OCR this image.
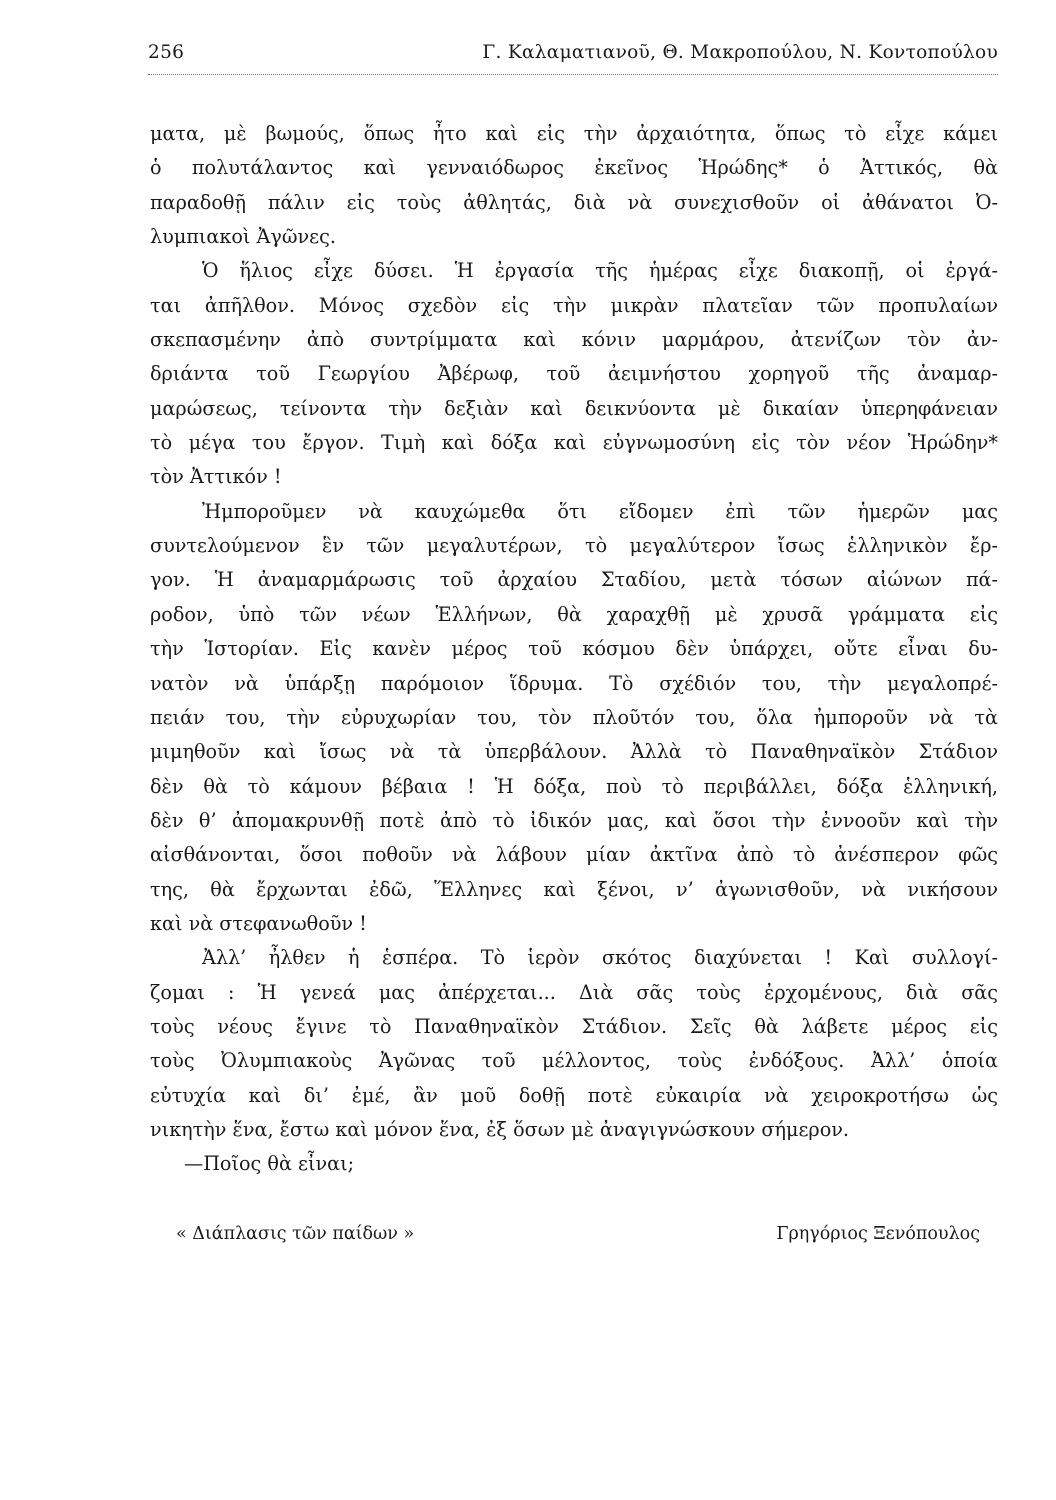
256	Γ. Καλαματιανοῦ, Θ. Μακροπούλου, Ν. Κοντοπούλου
ματα, μὲ βωμούς, ὅπως ἦτο καὶ εἰς τὴν ἀρχαιότητα, ὅπως τὸ εἶχε κάμει
ὁ πολυτάλαντος καὶ γενναιόδωρος ἐκεῖνος Ἡρώδης* ὁ Ἀττικός, θὰ
παραδοθῇ πάλιν εἰς τοὺς ἀθλητάς, διὰ νὰ συνεχισθοῦν οἱ ἀθάνατοι Ὀ-
λυμπιακοὶ Ἀγῶνες.
Ὁ ἥλιος εἶχε δύσει. Ἡ ἐργασία τῆς ἡμέρας εἶχε διακοπῇ, οἱ ἐργά-
ται ἀπῆλθον. Μόνος σχεδὸν εἰς τὴν μικρὰν πλατεῖαν τῶν προπυλαίων
σκεπασμένην ἀπὸ συντρίμματα καὶ κόνιν μαρμάρου, ἀτενίζων τὸν ἀν-
δριάντα τοῦ Γεωργίου Ἀβέρωφ, τοῦ ἀειμνήστου χορηγοῦ τῆς ἀναμαρ-
μαρώσεως, τείνοντα τὴν δεξιὰν καὶ δεικνύοντα μὲ δικαίαν ὑπερηφάνειαν
τὸ μέγα του ἔργον. Τιμὴ καὶ δόξα καὶ εὐγνωμοσύνη εἰς τὸν νέον Ἡρώδην*
τὸν Ἀττικόν !
Ἠμποροῦμεν νὰ καυχώμεθα ὅτι εἴδομεν ἐπὶ τῶν ἡμερῶν μας
συντελούμενον ἓν τῶν μεγαλυτέρων, τὸ μεγαλύτερον ἴσως ἑλληνικὸν ἔρ-
γον. Ἡ ἀναμαρμάρωσις τοῦ ἀρχαίου Σταδίου, μετὰ τόσων αἰώνων πά-
ροδον, ὑπὸ τῶν νέων Ἑλλήνων, θὰ χαραχθῇ μὲ χρυσᾶ γράμματα εἰς
τὴν Ἱστορίαν. Εἰς κανὲν μέρος τοῦ κόσμου δὲν ὑπάρχει, οὔτε εἶναι δυ-
νατὸν νὰ ὑπάρξῃ παρόμοιον ἵδρυμα. Τὸ σχέδιόν του, τὴν μεγαλοπρέ-
πειάν του, τὴν εὐρυχωρίαν του, τὸν πλοῦτόν του, ὅλα ἠμποροῦν νὰ τὰ
μιμηθοῦν καὶ ἴσως νὰ τὰ ὑπερβάλουν. Ἀλλὰ τὸ Παναθηναϊκὸν Στάδιον
δὲν θὰ τὸ κάμουν βέβαια ! Ἡ δόξα, ποὺ τὸ περιβάλλει, δόξα ἑλληνική,
δὲν θ’ ἀπομακρυνθῇ ποτὲ ἀπὸ τὸ ἰδικόν μας, καὶ ὅσοι τὴν ἐννοοῦν καὶ τὴν
αἰσθάνονται, ὅσοι ποθοῦν νὰ λάβουν μίαν ἀκτῖνα ἀπὸ τὸ ἀνέσπερον φῶς
της, θὰ ἔρχωνται ἐδῶ, Ἕλληνες καὶ ξένοι, ν’ ἀγωνισθοῦν, νὰ νικήσουν
καὶ νὰ στεφανωθοῦν !
Ἀλλ’ ἦλθεν ἡ ἑσπέρα. Τὸ ἱερὸν σκότος διαχύνεται ! Καὶ συλλογί-
ζομαι : Ἡ γενεά μας ἀπέρχεται... Διὰ σᾶς τοὺς ἐρχομένους, διὰ σᾶς
τοὺς νέους ἔγινε τὸ Παναθηναϊκὸν Στάδιον. Σεῖς θὰ λάβετε μέρος εἰς
τοὺς Ὀλυμπιακοὺς Ἀγῶνας τοῦ μέλλοντος, τοὺς ἐνδόξους. Ἀλλ’ ὁποία
εὐτυχία καὶ δι’ ἐμέ, ἂν μοῦ δοθῇ ποτὲ εὐκαιρία νὰ χειροκροτήσω ὡς
νικητὴν ἕνα, ἔστω καὶ μόνον ἕνα, ἐξ ὅσων μὲ ἀναγιγνώσκουν σήμερον.
—Ποῖος θὰ εἶναι;
« Διάπλασις τῶν παίδων »	Γρηγόριος Ξενόπουλος
